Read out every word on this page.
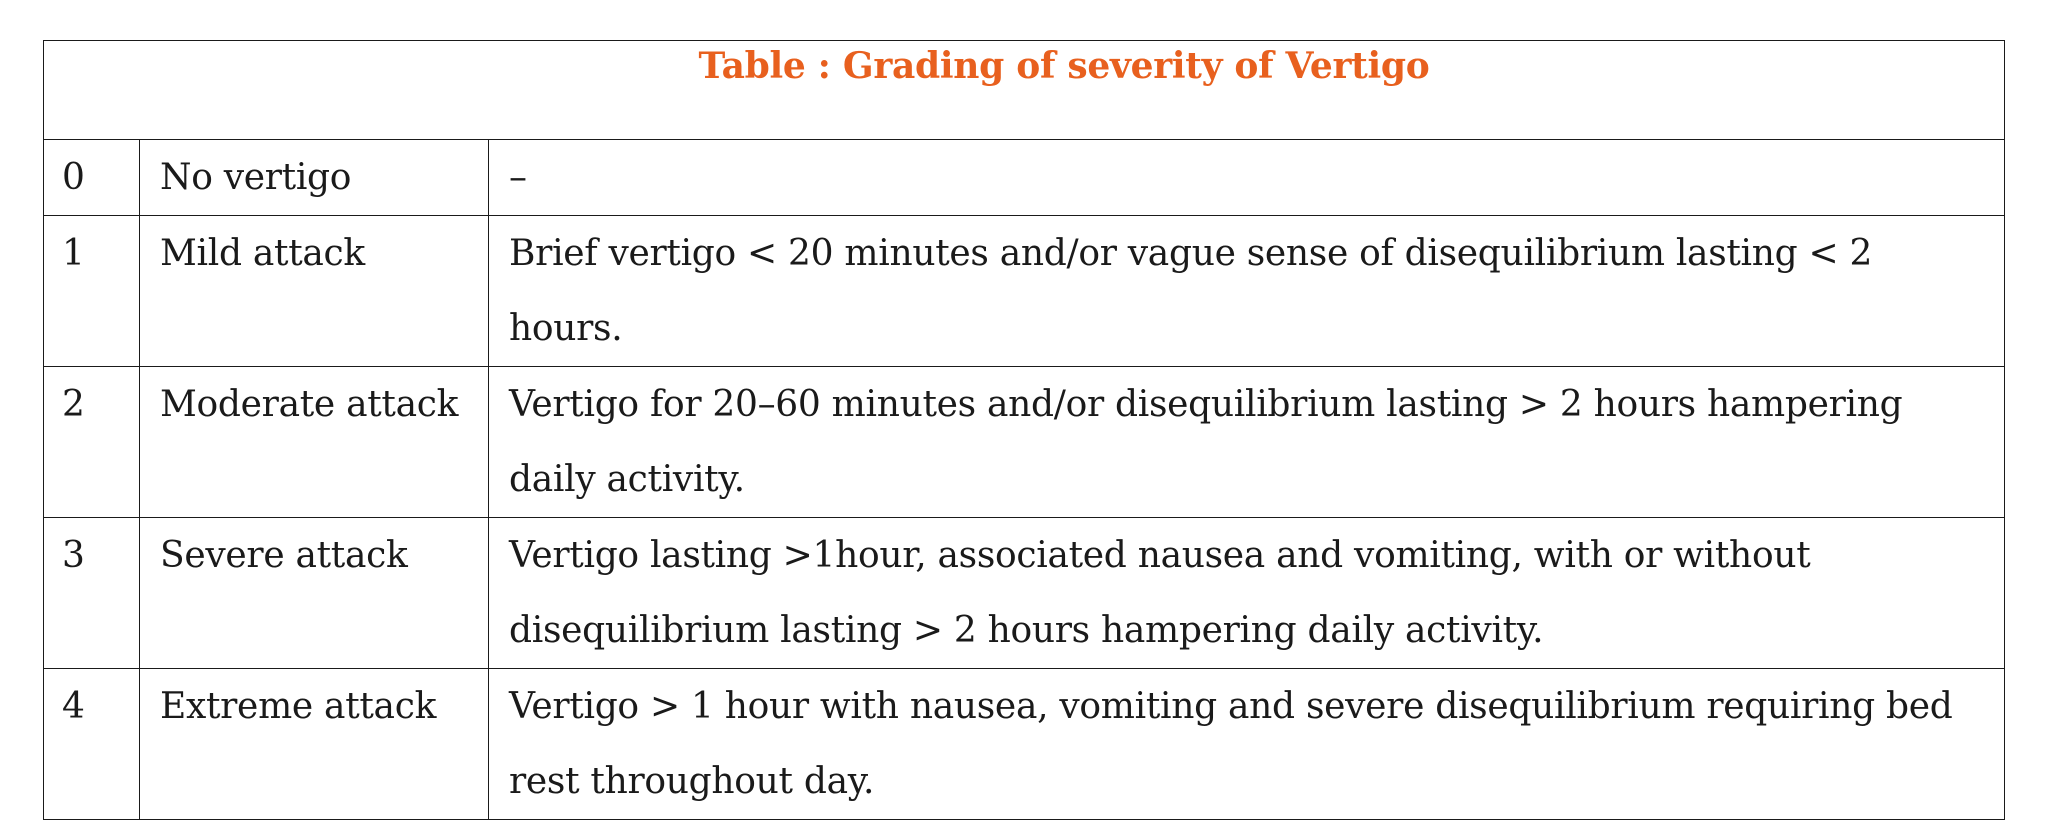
Table : Grading of severity of Vertigo		

0	No vertigo	–

1	Mild attack	Brief vertigo < 20 minutes and/or vague sense of disequilibrium lasting < 2 hours.

2	Moderate attack	Vertigo for 20–60 minutes and/or disequilibrium lasting > 2 hours hampering daily activity.

3	Severe attack	Vertigo lasting >1hour, associated nausea and vomiting, with or without disequilibrium lasting > 2 hours hampering daily activity.

4	Extreme attack	Vertigo > 1 hour with nausea, vomiting and severe disequilibrium requiring bed rest throughout day.
